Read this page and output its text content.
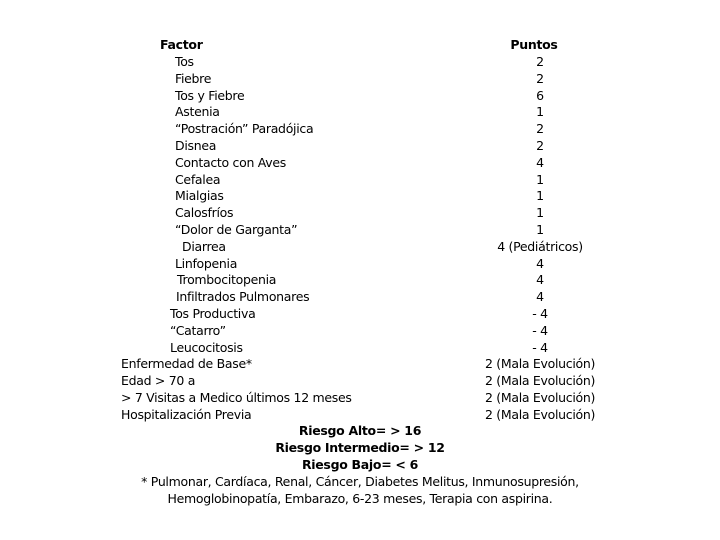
Factor	Puntos
Tos	2
Fiebre	2
Tos y Fiebre	6
Astenia	1
“Postración” Paradójica	2
Disnea	2
Contacto con Aves	4
Cefalea	1
Mialgias	1
Calosfríos	1
“Dolor de Garganta”	1
Diarrea	4 (Pediátricos)
Linfopenia	4
Trombocitopenia	4
Infiltrados Pulmonares	4
Tos Productiva	- 4
“Catarro”	- 4
Leucocitosis	- 4
Enfermedad de Base*	2 (Mala Evolución)
Edad > 70 a	2 (Mala Evolución)
> 7 Visitas a Medico últimos 12 meses	2 (Mala Evolución)
Hospitalización Previa	2 (Mala Evolución)
Riesgo Alto= > 16
Riesgo Intermedio= > 12
Riesgo Bajo= < 6
* Pulmonar, Cardíaca, Renal, Cáncer, Diabetes Melitus, Inmunosupresión,
Hemoglobinopatía, Embarazo, 6-23 meses, Terapia con aspirina.
